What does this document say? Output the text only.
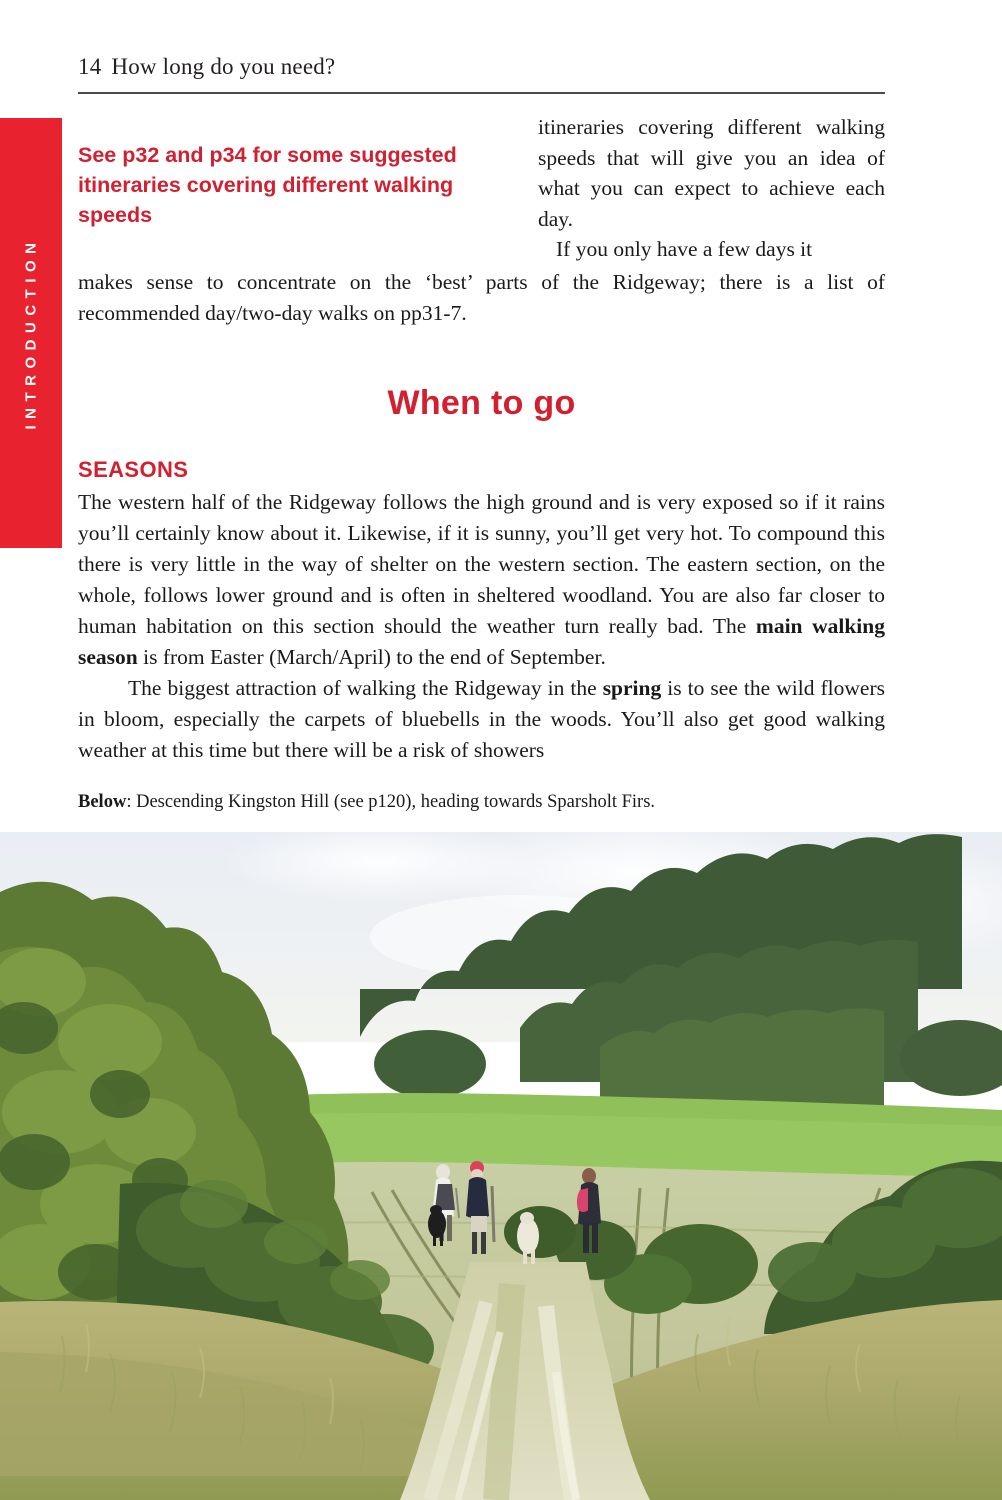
14 How long do you need?
INTRODUCTION
See p32 and p34 for some suggested itineraries covering different walking speeds

itineraries covering different walking speeds that will give you an idea of what you can expect to achieve each day.

If you only have a few days it

makes sense to concentrate on the ‘best’ parts of the Ridgeway; there is a list of recommended day/two-day walks on pp31-7.

When to go
SEASONS

The western half of the Ridgeway follows the high ground and is very exposed so if it rains you’ll certainly know about it. Likewise, if it is sunny, you’ll get very hot. To compound this there is very little in the way of shelter on the western section. The eastern section, on the whole, follows lower ground and is often in sheltered woodland. You are also far closer to human habitation on this section should the weather turn really bad. The main walking season is from Easter (March/April) to the end of September.

The biggest attraction of walking the Ridgeway in the spring is to see the wild flowers in bloom, especially the carpets of bluebells in the woods. You’ll also get good walking weather at this time but there will be a risk of showers

Below: Descending Kingston Hill (see p120), heading towards Sparsholt Firs.
